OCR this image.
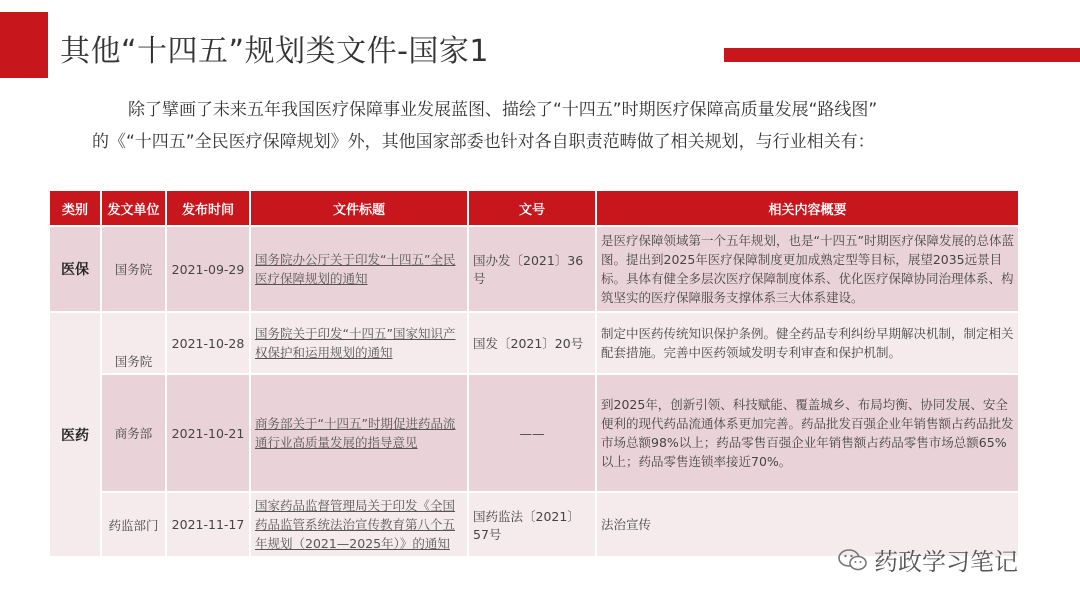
其他“十四五”规划类文件-国家1

除了擘画了未来五年我国医疗保障事业发展蓝图、描绘了“十四五”时期医疗保障高质量发展“路线图”

的《“十四五”全民医疗保障规划》外，其他国家部委也针对各自职责范畴做了相关规划，与行业相关有：

类别	发文单位	发布时间	文件标题	文号	相关内容概要
医保	国务院	2021-09-29	国务院办公厅关于印发“十四五”全民医疗保障规划的通知	国办发〔2021〕36号	是医疗保障领域第一个五年规划，也是“十四五”时期医疗保障发展的总体蓝图。提出到2025年医疗保障制度更加成熟定型等目标，展望2035远景目标。具体有健全多层次医疗保障制度体系、优化医疗保障协同治理体系、构筑坚实的医疗保障服务支撑体系三大体系建设。
医药	国务院	2021-10-28	国务院关于印发“十四五”国家知识产权保护和运用规划的通知	国发〔2021〕20号	制定中医药传统知识保护条例。健全药品专利纠纷早期解决机制，制定相关配套措施。完善中医药领域发明专利审查和保护机制。
	商务部	2021-10-21	商务部关于“十四五”时期促进药品流通行业高质量发展的指导意见	——	到2025年，创新引领、科技赋能、覆盖城乡、布局均衡、协同发展、安全便利的现代药品流通体系更加完善。药品批发百强企业年销售额占药品批发市场总额98%以上；药品零售百强企业年销售额占药品零售市场总额65%以上；药品零售连锁率接近70%。
	药监部门	2021-11-17	国家药品监督管理局关于印发《全国药品监管系统法治宣传教育第八个五年规划（2021—2025年）》的通知	国药监法〔2021〕57号	法治宣传
药政学习笔记
